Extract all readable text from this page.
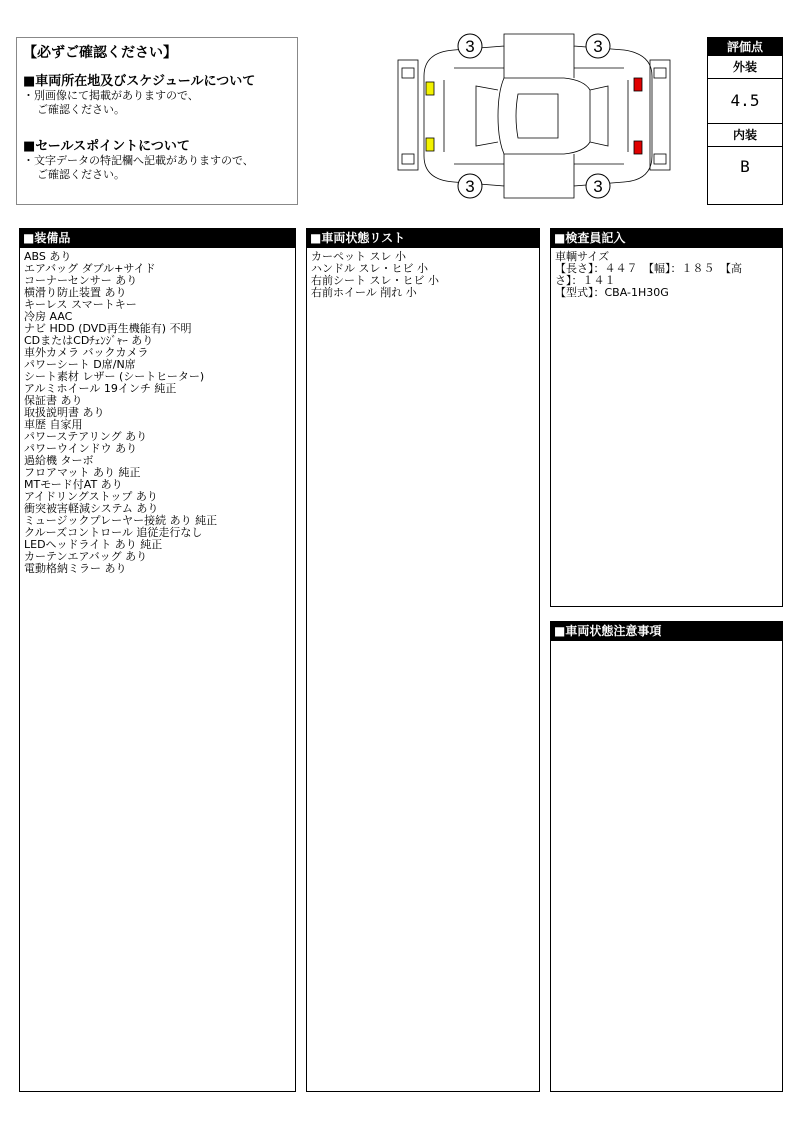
【必ずご確認ください】
■車両所在地及びスケジュールについて
・別画像にて掲載がありますので、
ご確認ください。
■セールスポイントについて
・文字データの特記欄へ記載がありますので、
ご確認ください。
3	3
3	3
評価点
外装
4.5
内装
B
■装備品
ABS あり
エアバッグ ダブル+サイド
コーナーセンサー あり
横滑り防止装置 あり
キーレス スマートキー
冷房 AAC
ナビ HDD (DVD再生機能有) 不明
CDまたはCDﾁｪﾝｼﾞｬｰ あり
車外カメラ バックカメラ
パワーシート D席/N席
シート素材 レザー (シートヒーター)
アルミホイール 19インチ 純正
保証書 あり
取扱説明書 あり
車歴 自家用
パワーステアリング あり
パワーウインドウ あり
過給機 ターボ
フロアマット あり 純正
MTモード付AT あり
アイドリングストップ あり
衝突被害軽減システム あり
ミュージックプレーヤー接続 あり 純正
クルーズコントロール 追従走行なし
LEDヘッドライト あり 純正
カーテンエアバッグ あり
電動格納ミラー あり
■車両状態リスト
カーペット スレ 小
ハンドル スレ・ヒビ 小
右前シート スレ・ヒビ 小
右前ホイール 削れ 小
■検査員記入
車輌サイズ
【長さ】：４４７　【幅】：１８５　【高
さ】：１４１
【型式】：CBA-1H30G
■車両状態注意事項
